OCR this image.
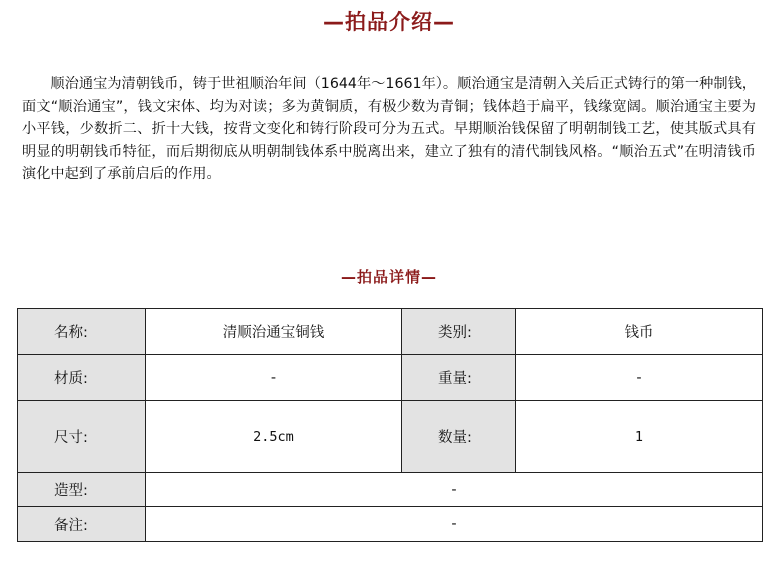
—拍品介绍—

顺治通宝为清朝钱币，铸于世祖顺治年间（1644年～1661年）。顺治通宝是清朝入关后正式铸行的第一种制钱，面文“顺治通宝”，钱文宋体、均为对读；多为黄铜质，有极少数为青铜；钱体趋于扁平，钱缘宽阔。顺治通宝主要为小平钱，少数折二、折十大钱，按背文变化和铸行阶段可分为五式。早期顺治钱保留了明朝制钱工艺，使其版式具有明显的明朝钱币特征，而后期彻底从明朝制钱体系中脱离出来，建立了独有的清代制钱风格。“顺治五式”在明清钱币演化中起到了承前启后的作用。

—拍品详情—
名称:	清顺治通宝铜钱	类别:	钱币
材质:	-	重量:	-
尺寸:	2.5cm	数量:	1
造型:	-		
备注:	-		
